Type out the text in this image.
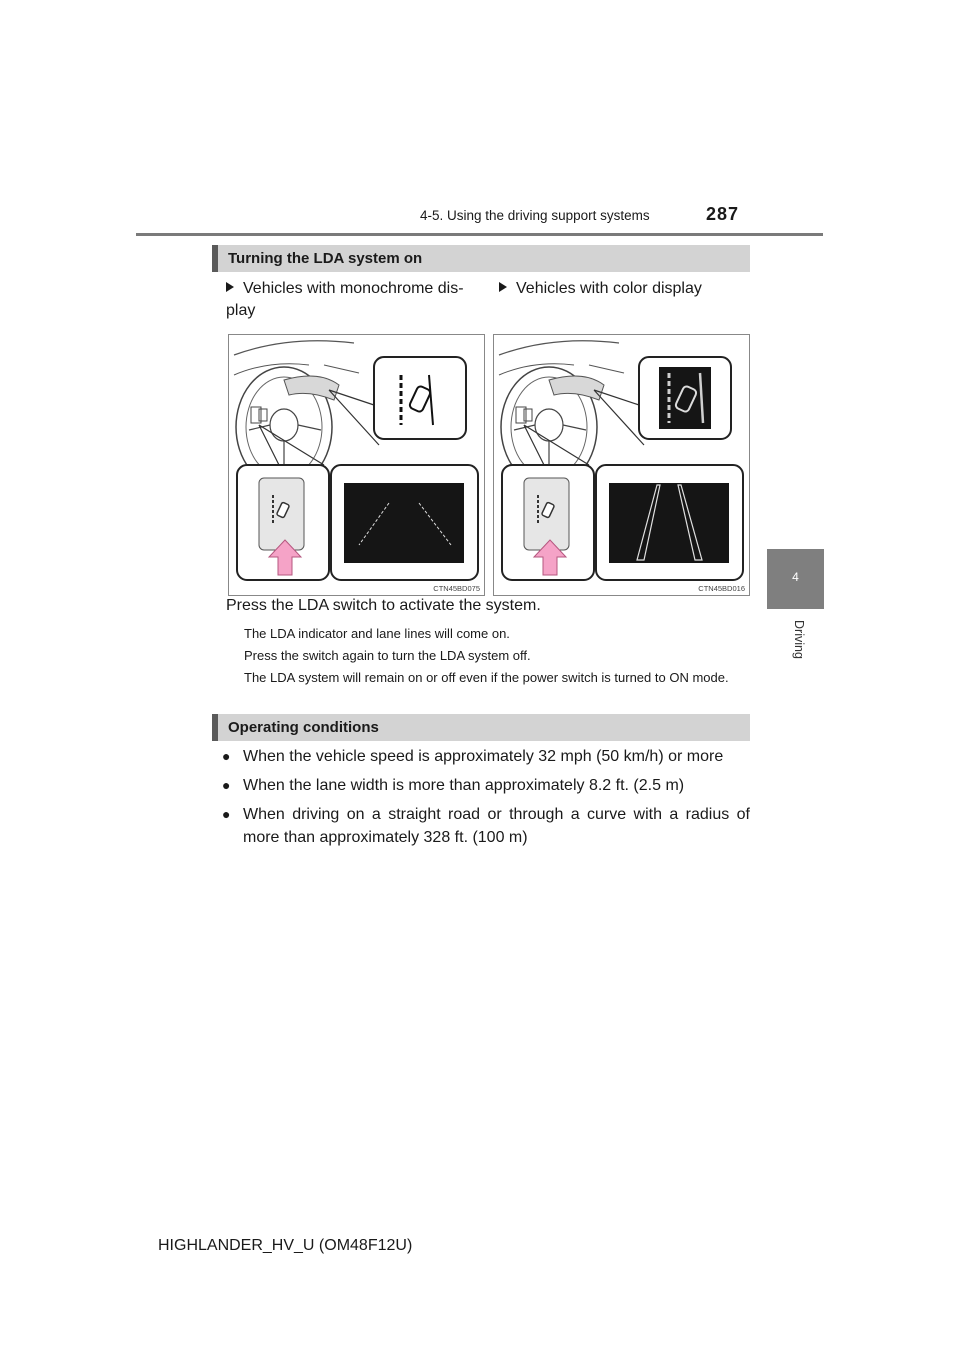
4-5. Using the driving support systems	287
4
Driving
Turning the LDA system on
Vehicles with monochrome dis-play
Vehicles with color display
CTN45BD075	CTN45BD016
Press the LDA switch to activate the system.
The LDA indicator and lane lines will come on.
Press the switch again to turn the LDA system off.
The LDA system will remain on or off even if the power switch is turned to ON mode.
Operating conditions
● When the vehicle speed is approximately 32 mph (50 km/h) or more
● When the lane width is more than approximately 8.2 ft. (2.5 m)
● When driving on a straight road or through a curve with a radius of more than approximately 328 ft. (100 m)
HIGHLANDER_HV_U (OM48F12U)
